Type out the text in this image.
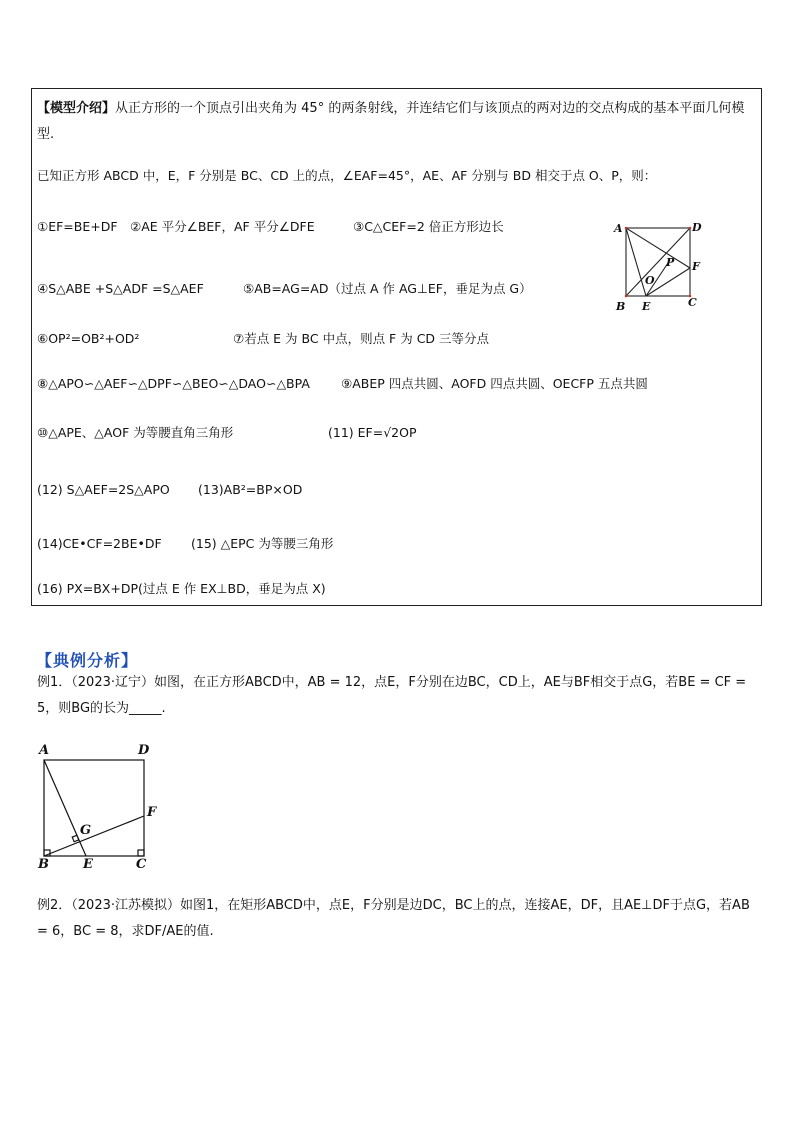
【模型介绍】从正方形的一个顶点引出夹角为 45° 的两条射线，并连结它们与该顶点的两对边的交点构成的基本平面几何模型.
已知正方形 ABCD 中，E，F 分别是 BC、CD 上的点，∠EAF=45°，AE、AF 分别与 BD 相交于点 O、P，则：
①EF=BE+DF ②AE 平分∠BEF，AF 平分∠DFE	③C△CEF=2 倍正方形边长
④S△ABE +S△ADF =S△AEF	⑤AB=AG=AD（过点 A 作 AG⊥EF，垂足为点 G）
⑥OP²=OB²+OD²	⑦若点 E 为 BC 中点，则点 F 为 CD 三等分点
⑧△APO∽△AEF∽△DPF∽△BEO∽△DAO∽△BPA ⑨ABEP 四点共圆、AOFD 四点共圆、OECFP 五点共圆
⑩△APE、△AOF 为等腰直角三角形	(11) EF=√2OP
(12) S△AEF=2S△APO (13)AB²=BP×OD
(14)CE•CF=2BE•DF (15) △EPC 为等腰三角形
(16) PX=BX+DP(过点 E 作 EX⊥BD，垂足为点 X)
A	D
P F
O
B E	C
【典例分析】
例1．（2023·辽宁）如图，在正方形ABCD中，AB = 12，点E，F分别在边BC，CD上，AE与BF相交于点G，若BE = CF = 5，则BG的长为_____.
A	D
F
G
B	E	C
例2．（2023·江苏模拟）如图1，在矩形ABCD中，点E，F分别是边DC，BC上的点，连接AE，DF，且AE⊥DF于点G，若AB = 6，BC = 8，求DF/AE的值.
